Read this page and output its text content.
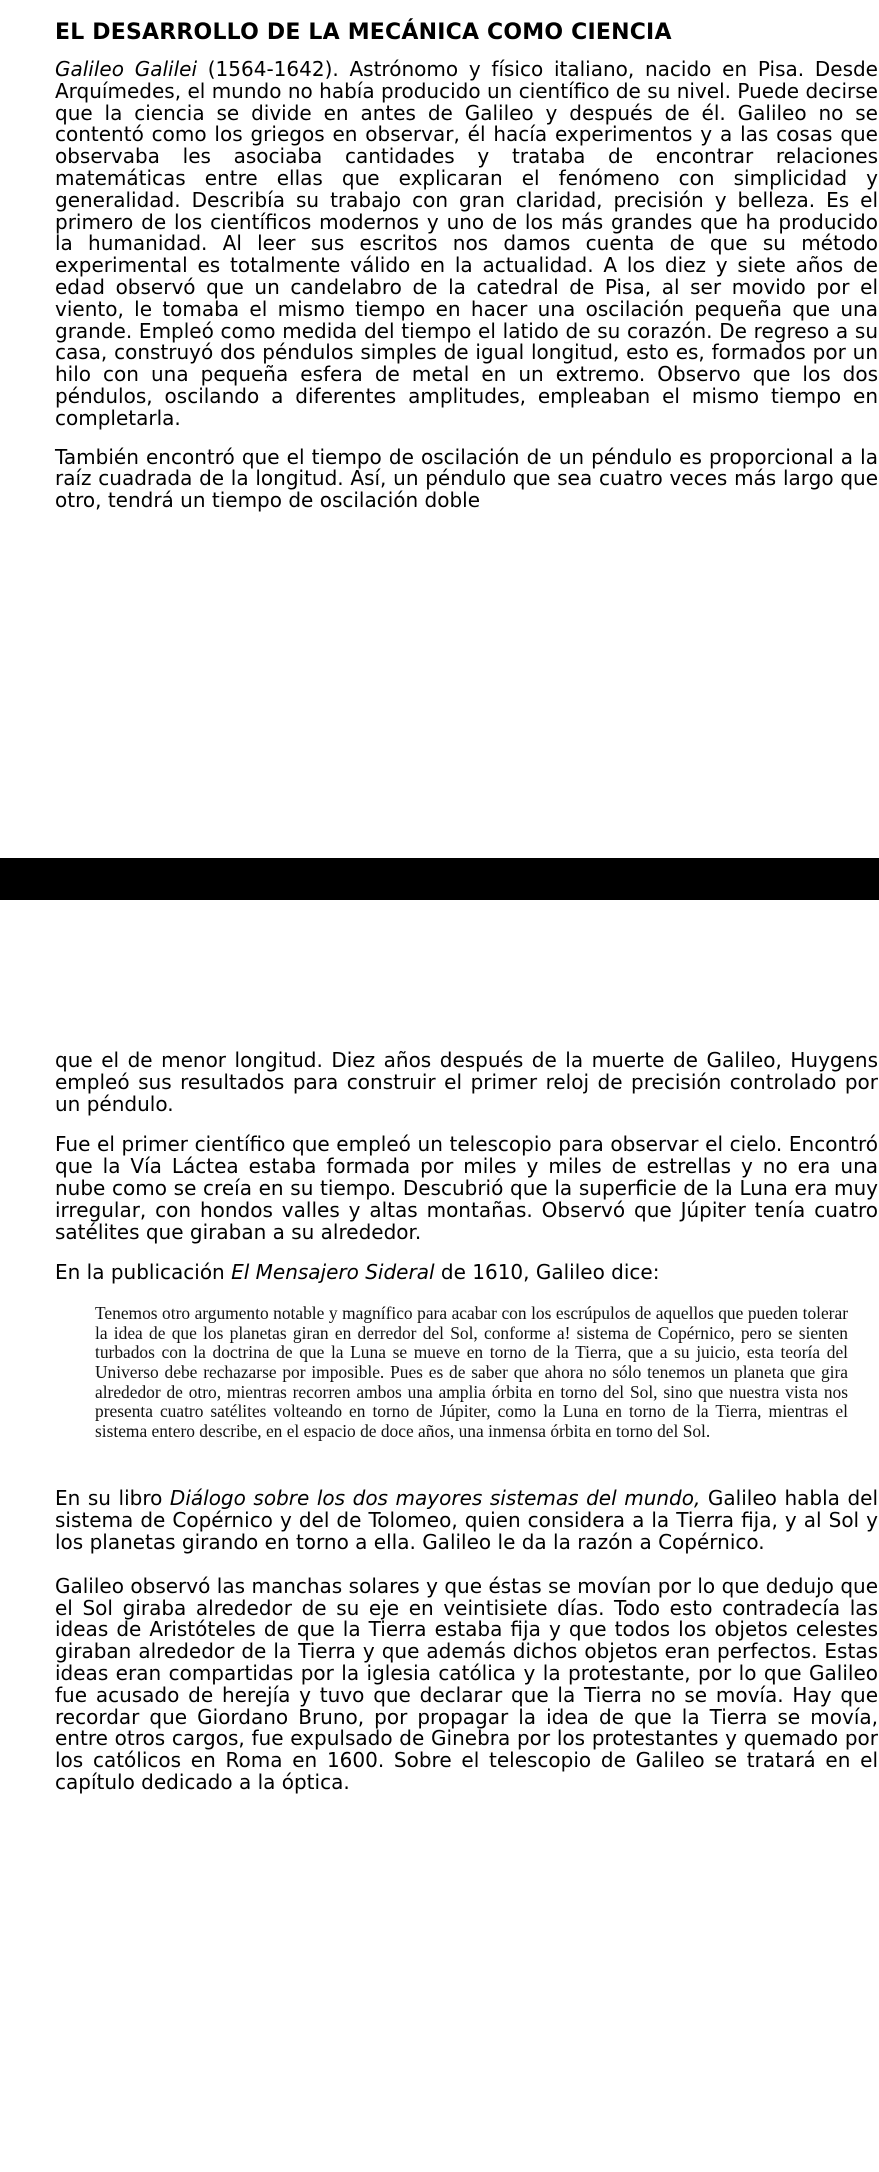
EL DESARROLLO DE LA MECÁNICA COMO CIENCIA

Galileo Galilei (1564-1642). Astrónomo y físico italiano, nacido en Pisa. Desde Arquímedes, el mundo no había producido un científico de su nivel. Puede decirse que la ciencia se divide en antes de Galileo y después de él. Galileo no se contentó como los griegos en observar, él hacía experimentos y a las cosas que observaba les asociaba cantidades y trataba de encontrar relaciones matemáticas entre ellas que explicaran el fenómeno con simplicidad y generalidad. Describía su trabajo con gran claridad, precisión y belleza. Es el primero de los científicos modernos y uno de los más grandes que ha producido la humanidad. Al leer sus escritos nos damos cuenta de que su método experimental es totalmente válido en la actualidad. A los diez y siete años de edad observó que un candelabro de la catedral de Pisa, al ser movido por el viento, le tomaba el mismo tiempo en hacer una oscilación pequeña que una grande. Empleó como medida del tiempo el latido de su corazón. De regreso a su casa, construyó dos péndulos simples de igual longitud, esto es, formados por un hilo con una pequeña esfera de metal en un extremo. Observo que los dos péndulos, oscilando a diferentes amplitudes, empleaban el mismo tiempo en completarla.

También encontró que el tiempo de oscilación de un péndulo es proporcional a la raíz cuadrada de la longitud. Así, un péndulo que sea cuatro veces más largo que otro, tendrá un tiempo de oscilación doble

que el de menor longitud. Diez años después de la muerte de Galileo, Huygens empleó sus resultados para construir el primer reloj de precisión controlado por un péndulo.

Fue el primer científico que empleó un telescopio para observar el cielo. Encontró que la Vía Láctea estaba formada por miles y miles de estrellas y no era una nube como se creía en su tiempo. Descubrió que la superficie de la Luna era muy irregular, con hondos valles y altas montañas. Observó que Júpiter tenía cuatro satélites que giraban a su alrededor.

En la publicación El Mensajero Sideral de 1610, Galileo dice:

Tenemos otro argumento notable y magnífico para acabar con los escrúpulos de aquellos que pueden tolerar la idea de que los planetas giran en derredor del Sol, conforme a! sistema de Copérnico, pero se sienten turbados con la doctrina de que la Luna se mueve en torno de la Tierra, que a su juicio, esta teoría del Universo debe rechazarse por imposible. Pues es de saber que ahora no sólo tenemos un planeta que gira alrededor de otro, mientras recorren ambos una amplia órbita en torno del Sol, sino que nuestra vista nos presenta cuatro satélites volteando en torno de Júpiter, como la Luna en torno de la Tierra, mientras el sistema entero describe, en el espacio de doce años, una inmensa órbita en torno del Sol.

En su libro Diálogo sobre los dos mayores sistemas del mundo, Galileo habla del sistema de Copérnico y del de Tolomeo, quien considera a la Tierra fija, y al Sol y los planetas girando en torno a ella. Galileo le da la razón a Copérnico.

Galileo observó las manchas solares y que éstas se movían por lo que dedujo que el Sol giraba alrededor de su eje en veintisiete días. Todo esto contradecía las ideas de Aristóteles de que la Tierra estaba fija y que todos los objetos celestes giraban alrededor de la Tierra y que además dichos objetos eran perfectos. Estas ideas eran compartidas por la iglesia católica y la protestante, por lo que Galileo fue acusado de herejía y tuvo que declarar que la Tierra no se movía. Hay que recordar que Giordano Bruno, por propagar la idea de que la Tierra se movía, entre otros cargos, fue expulsado de Ginebra por los protestantes y quemado por los católicos en Roma en 1600. Sobre el telescopio de Galileo se tratará en el capítulo dedicado a la óptica.
